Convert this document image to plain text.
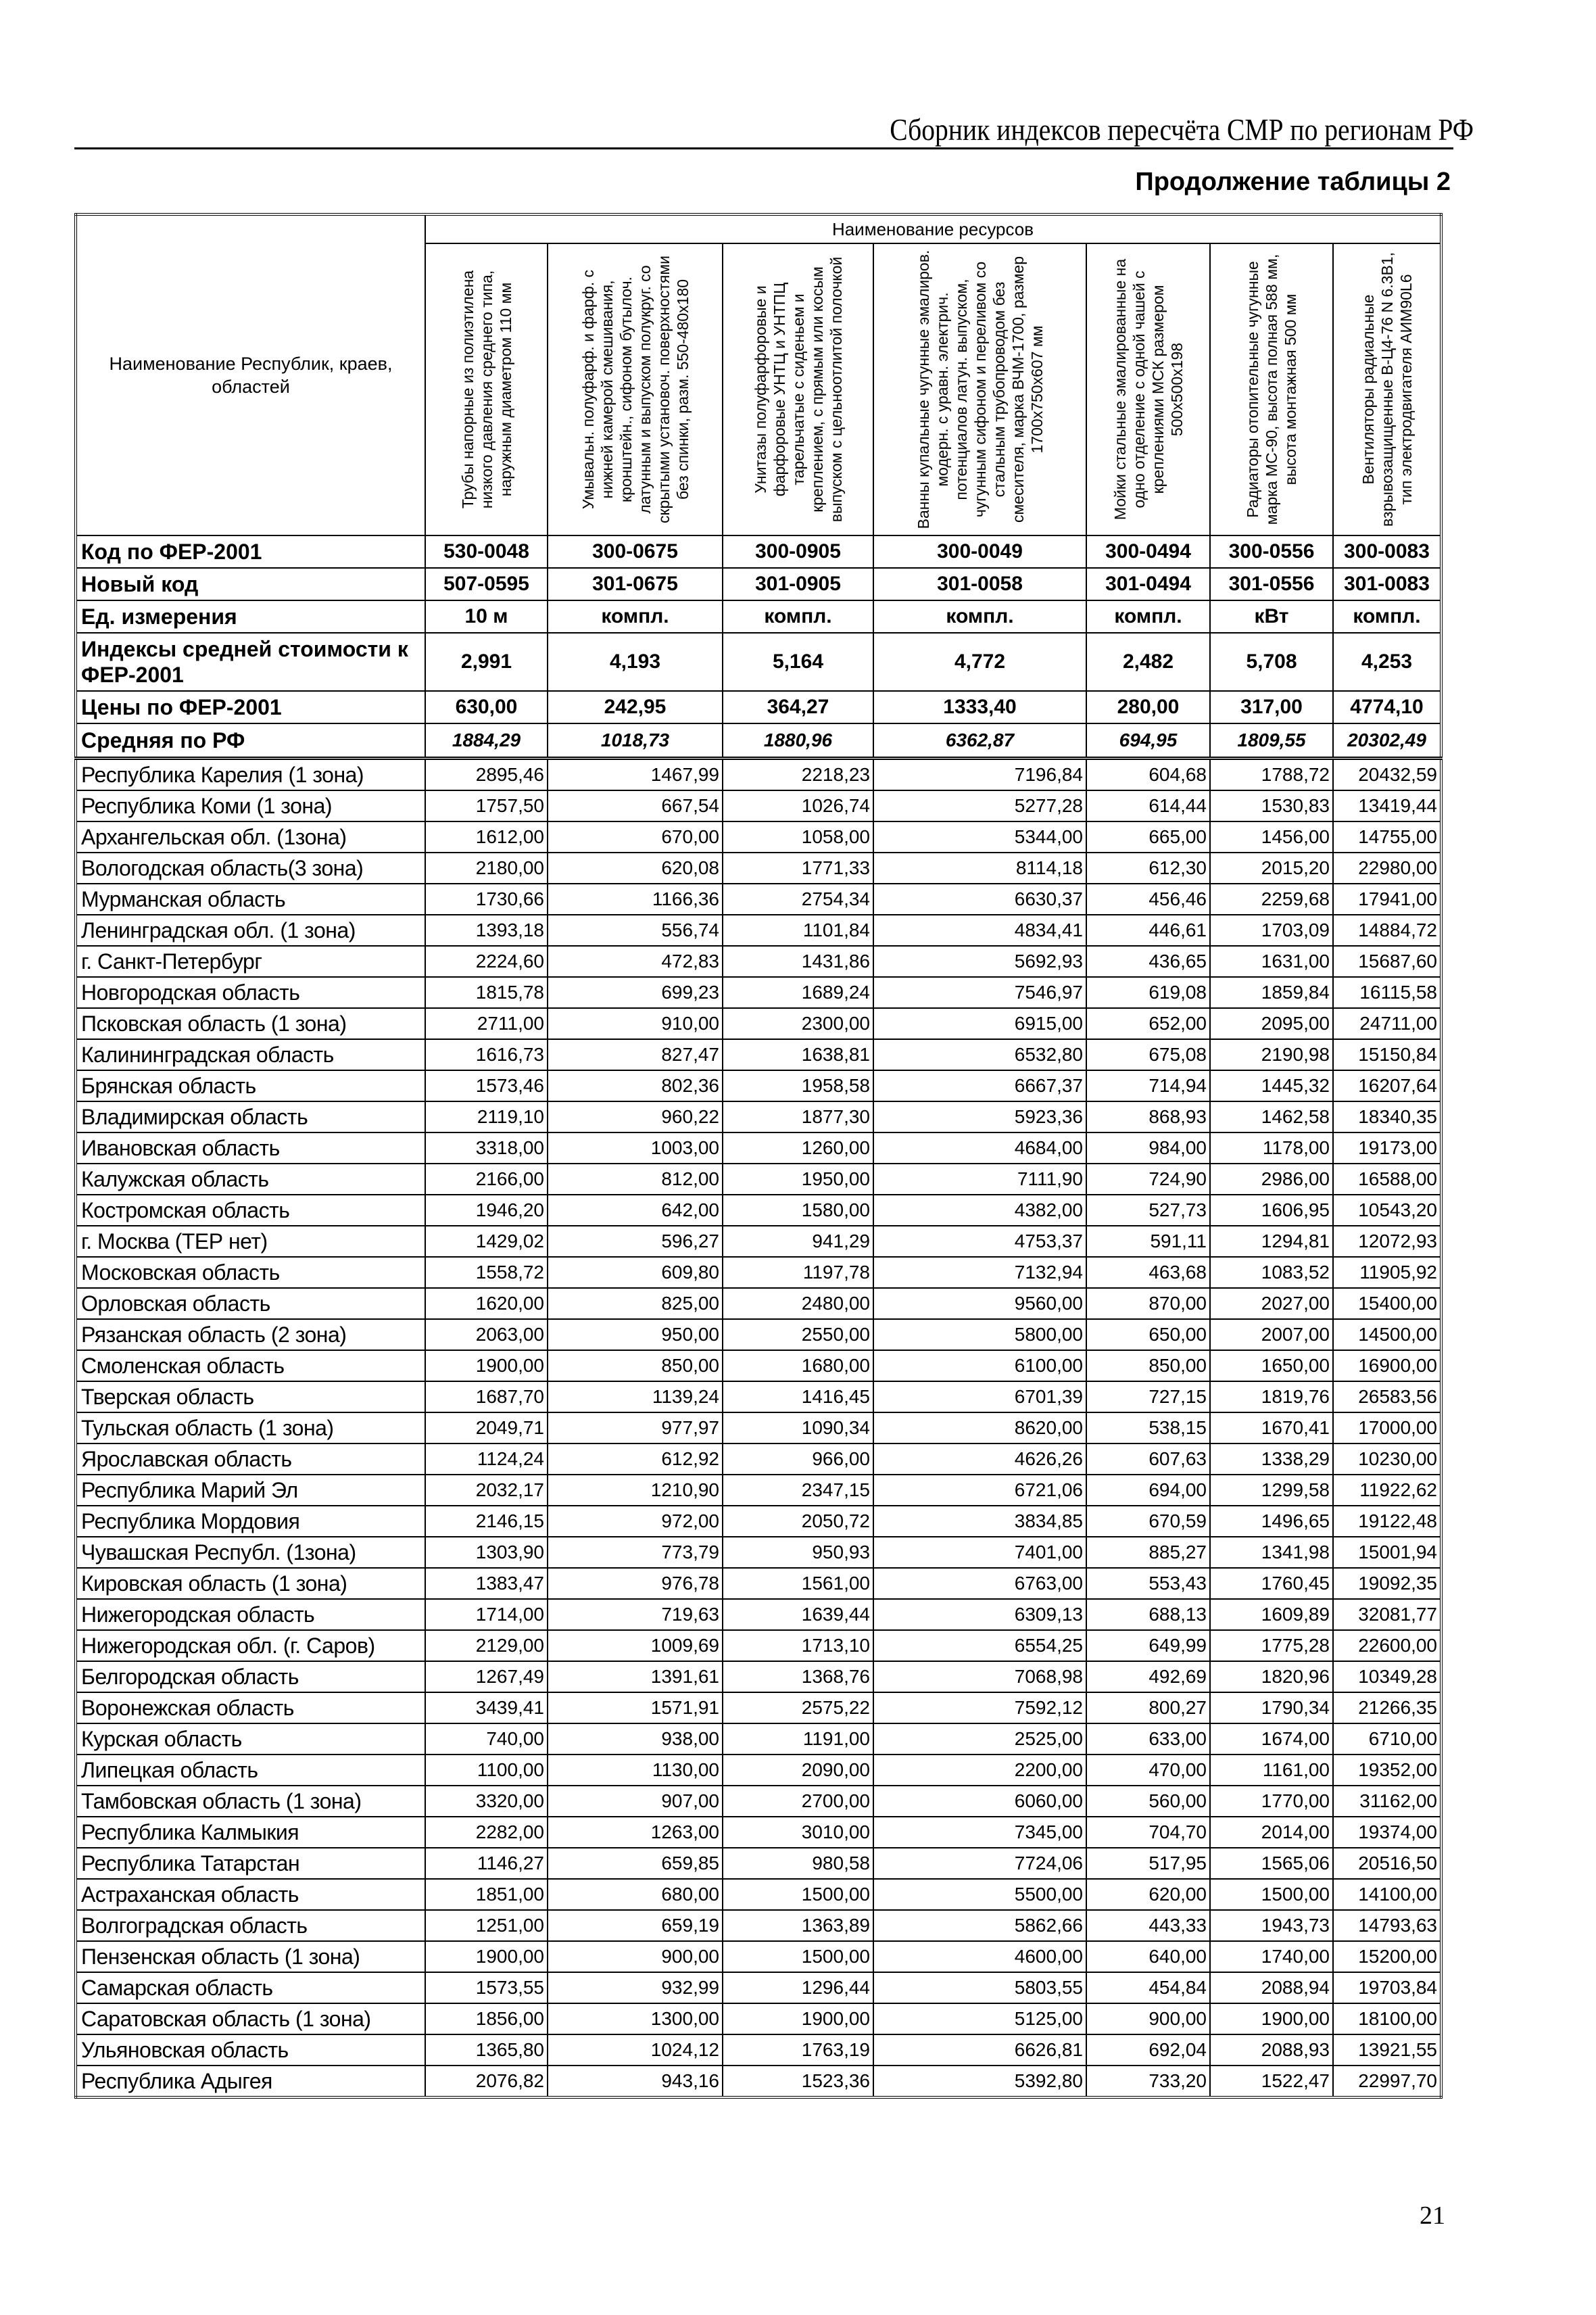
Сборник индексов пересчёта СМР по регионам РФ
Продолжение таблицы 2
Наименование Республик, краев, областей	Наименование ресурсов						

	Трубы напорные из полиэтилена низкого давления среднего типа, наружным диаметром 110 мм	Умывальн. полуфарф. и фарф. с нижней камерой смешивания, кронштейн., сифоном бутылоч. латунным и выпуском полукруг. со скрытыми установоч. поверхностями без спинки, разм. 550-480х180	Унитазы полуфарфоровые и фарфоровые УНТЦ и УНТПЦ тарельчатые с сиденьем и креплением, с прямым или косым выпуском с цельноотлитой полочкой	Ванны купальные чугунные эмалиров. модерн. с уравн. электрич. потенциалов латун. выпуском, чугунным сифоном и переливом со стальным трубопроводом без смесителя, марка ВЧМ-1700, размер 1700х750х607 мм	Мойки стальные эмалированные на одно отделение с одной чашей с креплениями МСК размером 500х500х198	Радиаторы отопительные чугунные марка МС-90, высота полная 588 мм, высота монтажная 500 мм	Вентиляторы радиальные взрывозащищенные В-Ц4-76 N 6.3В1, тип электродвигателя АИМ90L6

Код по ФЕР-2001	530-0048	300-0675	300-0905	300-0049	300-0494	300-0556	300-0083
Новый код	507-0595	301-0675	301-0905	301-0058	301-0494	301-0556	301-0083
Ед. измерения	10 м	компл.	компл.	компл.	компл.	кВт	компл.
Индексы средней стоимости к ФЕР-2001	2,991	4,193	5,164	4,772	2,482	5,708	4,253
Цены по ФЕР-2001	630,00	242,95	364,27	1333,40	280,00	317,00	4774,10
Средняя по РФ	1884,29	1018,73	1880,96	6362,87	694,95	1809,55	20302,49
Республика Карелия (1 зона)	2895,46	1467,99	2218,23	7196,84	604,68	1788,72	20432,59
Республика Коми (1 зона)	1757,50	667,54	1026,74	5277,28	614,44	1530,83	13419,44
Архангельская обл. (1зона)	1612,00	670,00	1058,00	5344,00	665,00	1456,00	14755,00
Вологодская область(3 зона)	2180,00	620,08	1771,33	8114,18	612,30	2015,20	22980,00
Мурманская область	1730,66	1166,36	2754,34	6630,37	456,46	2259,68	17941,00
Ленинградская обл. (1 зона)	1393,18	556,74	1101,84	4834,41	446,61	1703,09	14884,72
г. Санкт-Петербург	2224,60	472,83	1431,86	5692,93	436,65	1631,00	15687,60
Новгородская область	1815,78	699,23	1689,24	7546,97	619,08	1859,84	16115,58
Псковская область (1 зона)	2711,00	910,00	2300,00	6915,00	652,00	2095,00	24711,00
Калининградская область	1616,73	827,47	1638,81	6532,80	675,08	2190,98	15150,84
Брянская область	1573,46	802,36	1958,58	6667,37	714,94	1445,32	16207,64
Владимирская область	2119,10	960,22	1877,30	5923,36	868,93	1462,58	18340,35
Ивановская область	3318,00	1003,00	1260,00	4684,00	984,00	1178,00	19173,00
Калужская область	2166,00	812,00	1950,00	7111,90	724,90	2986,00	16588,00
Костромская область	1946,20	642,00	1580,00	4382,00	527,73	1606,95	10543,20
г. Москва (ТЕР нет)	1429,02	596,27	941,29	4753,37	591,11	1294,81	12072,93
Московская область	1558,72	609,80	1197,78	7132,94	463,68	1083,52	11905,92
Орловская область	1620,00	825,00	2480,00	9560,00	870,00	2027,00	15400,00
Рязанская область (2 зона)	2063,00	950,00	2550,00	5800,00	650,00	2007,00	14500,00
Смоленская область	1900,00	850,00	1680,00	6100,00	850,00	1650,00	16900,00
Тверская область	1687,70	1139,24	1416,45	6701,39	727,15	1819,76	26583,56
Тульская область (1 зона)	2049,71	977,97	1090,34	8620,00	538,15	1670,41	17000,00
Ярославская область	1124,24	612,92	966,00	4626,26	607,63	1338,29	10230,00
Республика Марий Эл	2032,17	1210,90	2347,15	6721,06	694,00	1299,58	11922,62
Республика Мордовия	2146,15	972,00	2050,72	3834,85	670,59	1496,65	19122,48
Чувашская Республ. (1зона)	1303,90	773,79	950,93	7401,00	885,27	1341,98	15001,94
Кировская область (1 зона)	1383,47	976,78	1561,00	6763,00	553,43	1760,45	19092,35
Нижегородская область	1714,00	719,63	1639,44	6309,13	688,13	1609,89	32081,77
Нижегородская обл. (г. Саров)	2129,00	1009,69	1713,10	6554,25	649,99	1775,28	22600,00
Белгородская область	1267,49	1391,61	1368,76	7068,98	492,69	1820,96	10349,28
Воронежская область	3439,41	1571,91	2575,22	7592,12	800,27	1790,34	21266,35
Курская область	740,00	938,00	1191,00	2525,00	633,00	1674,00	6710,00
Липецкая область	1100,00	1130,00	2090,00	2200,00	470,00	1161,00	19352,00
Тамбовская область (1 зона)	3320,00	907,00	2700,00	6060,00	560,00	1770,00	31162,00
Республика Калмыкия	2282,00	1263,00	3010,00	7345,00	704,70	2014,00	19374,00
Республика Татарстан	1146,27	659,85	980,58	7724,06	517,95	1565,06	20516,50
Астраханская область	1851,00	680,00	1500,00	5500,00	620,00	1500,00	14100,00
Волгоградская область	1251,00	659,19	1363,89	5862,66	443,33	1943,73	14793,63
Пензенская область (1 зона)	1900,00	900,00	1500,00	4600,00	640,00	1740,00	15200,00
Самарская область	1573,55	932,99	1296,44	5803,55	454,84	2088,94	19703,84
Саратовская область (1 зона)	1856,00	1300,00	1900,00	5125,00	900,00	1900,00	18100,00
Ульяновская область	1365,80	1024,12	1763,19	6626,81	692,04	2088,93	13921,55
Республика Адыгея	2076,82	943,16	1523,36	5392,80	733,20	1522,47	22997,70
21
